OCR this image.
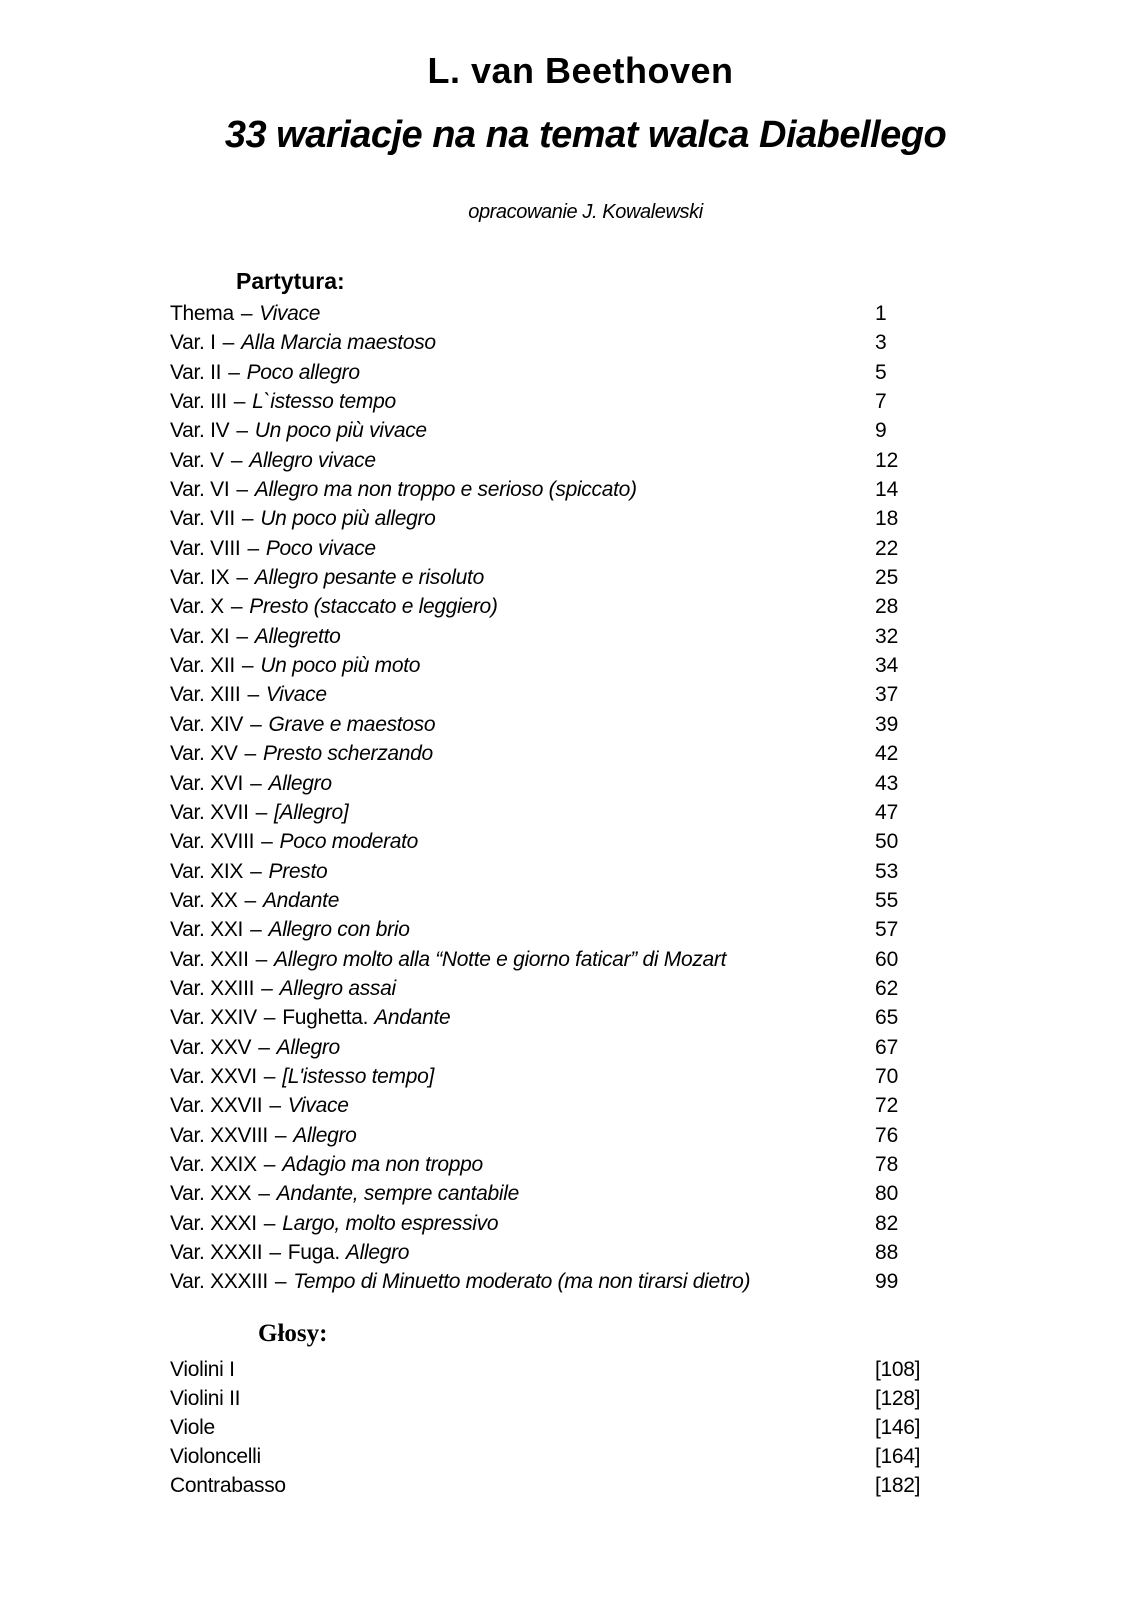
L. van Beethoven
33 wariacje na na temat walca Diabellego
opracowanie J. Kowalewski
Partytura:
Thema – Vivace	1
Var. I – Alla Marcia maestoso	3
Var. II – Poco allegro	5
Var. III – L`istesso tempo	7
Var. IV – Un poco più vivace	9
Var. V – Allegro vivace	12
Var. VI – Allegro ma non troppo e serioso (spiccato)	14
Var. VII – Un poco più allegro	18
Var. VIII – Poco vivace	22
Var. IX – Allegro pesante e risoluto	25
Var. X – Presto (staccato e leggiero)	28
Var. XI – Allegretto	32
Var. XII – Un poco più moto	34
Var. XIII – Vivace	37
Var. XIV – Grave e maestoso	39
Var. XV – Presto scherzando	42
Var. XVI – Allegro	43
Var. XVII – [Allegro]	47
Var. XVIII – Poco moderato	50
Var. XIX – Presto	53
Var. XX – Andante	55
Var. XXI – Allegro con brio	57
Var. XXII – Allegro molto alla “Notte e giorno faticar” di Mozart	60
Var. XXIII – Allegro assai	62
Var. XXIV – Fughetta. Andante	65
Var. XXV – Allegro	67
Var. XXVI – [L'istesso tempo]	70
Var. XXVII – Vivace	72
Var. XXVIII – Allegro	76
Var. XXIX – Adagio ma non troppo	78
Var. XXX – Andante, sempre cantabile	80
Var. XXXI – Largo, molto espressivo	82
Var. XXXII – Fuga. Allegro	88
Var. XXXIII – Tempo di Minuetto moderato (ma non tirarsi dietro)	99
Głosy:
Violini I	[108]
Violini II	[128]
Viole	[146]
Violoncelli	[164]
Contrabasso	[182]
